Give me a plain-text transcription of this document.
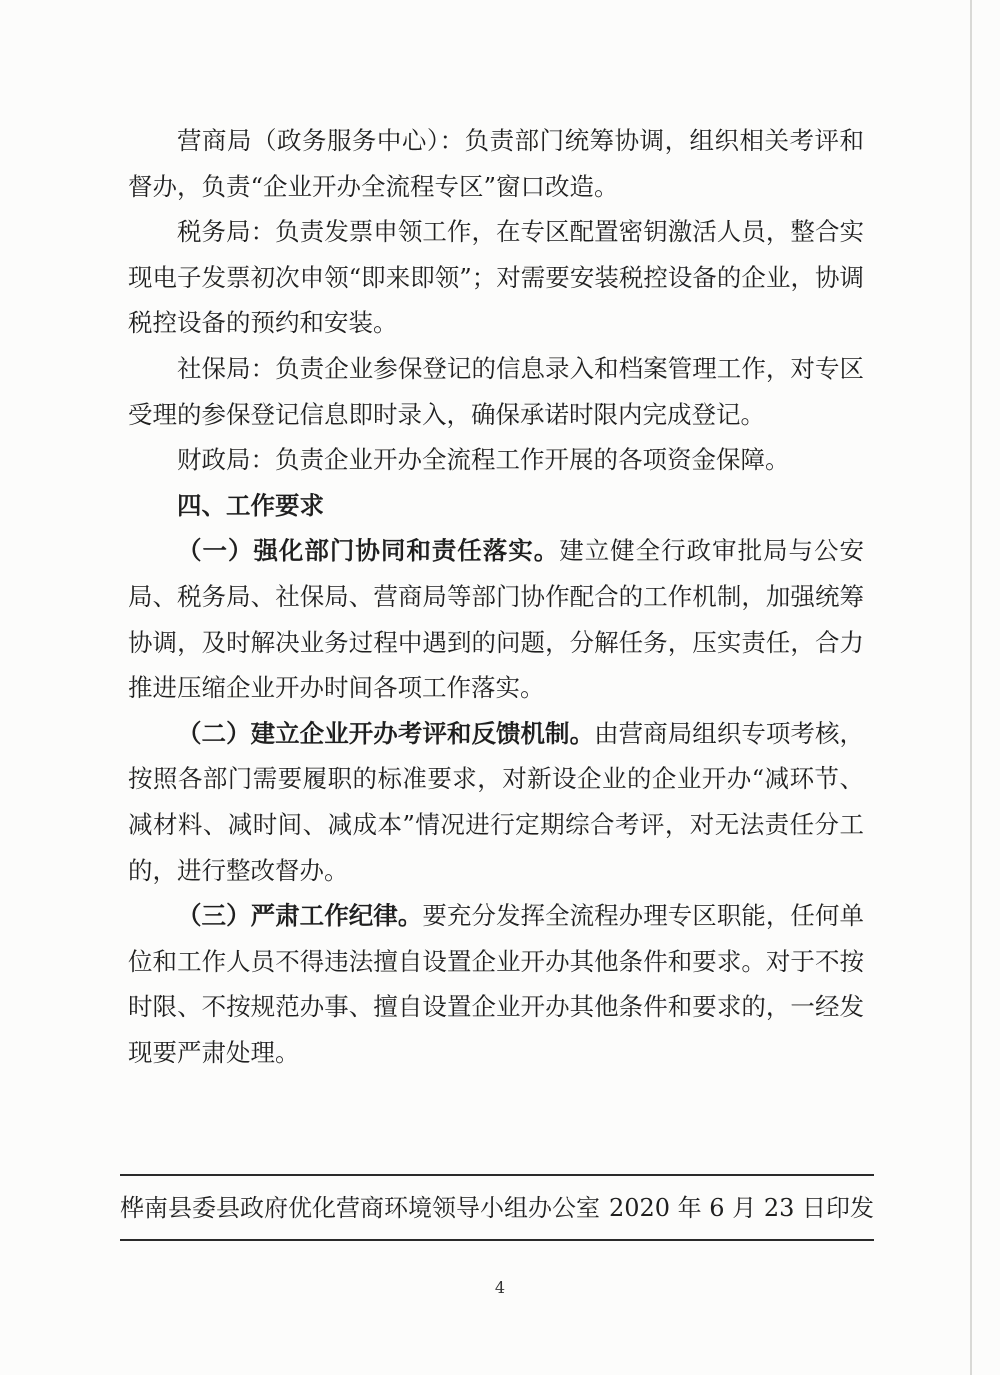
营商局（政务服务中心）：负责部门统筹协调，组织相关考评和督办，负责“企业开办全流程专区”窗口改造。

税务局：负责发票申领工作，在专区配置密钥激活人员，整合实现电子发票初次申领“即来即领”；对需要安装税控设备的企业，协调税控设备的预约和安装。

社保局：负责企业参保登记的信息录入和档案管理工作，对专区受理的参保登记信息即时录入，确保承诺时限内完成登记。

财政局：负责企业开办全流程工作开展的各项资金保障。

四、工作要求

（一）强化部门协同和责任落实。建立健全行政审批局与公安局、税务局、社保局、营商局等部门协作配合的工作机制，加强统筹协调，及时解决业务过程中遇到的问题，分解任务，压实责任，合力推进压缩企业开办时间各项工作落实。

（二）建立企业开办考评和反馈机制。由营商局组织专项考核，按照各部门需要履职的标准要求，对新设企业的企业开办“减环节、减材料、减时间、减成本”情况进行定期综合考评，对无法责任分工的，进行整改督办。

（三）严肃工作纪律。要充分发挥全流程办理专区职能，任何单位和工作人员不得违法擅自设置企业开办其他条件和要求。对于不按时限、不按规范办事、擅自设置企业开办其他条件和要求的，一经发现要严肃处理。

桦南县委县政府优化营商环境领导小组办公室 2020 年 6 月 23 日印发
4
